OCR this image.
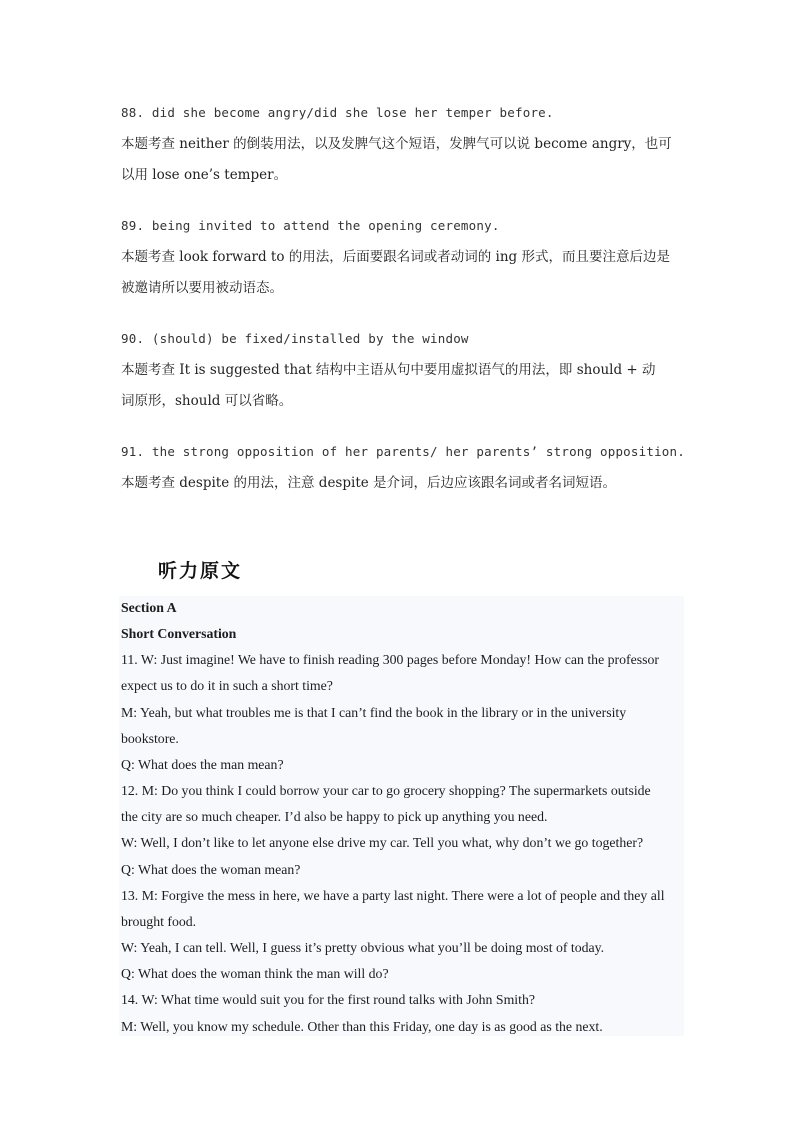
88. did she become angry/did she lose her temper before.
本题考查 neither 的倒装用法，以及发脾气这个短语，发脾气可以说 become angry，也可
以用 lose one’s temper。
89. being invited to attend the opening ceremony.
本题考查 look forward to 的用法，后面要跟名词或者动词的 ing 形式，而且要注意后边是
被邀请所以要用被动语态。
90. (should) be fixed/installed by the window
本题考查 It is suggested that 结构中主语从句中要用虚拟语气的用法，即 should + 动
词原形，should 可以省略。
91. the strong opposition of her parents/ her parents’ strong opposition.
本题考查 despite 的用法，注意 despite 是介词，后边应该跟名词或者名词短语。
听力原文
Section A
Short Conversation
11. W: Just imagine! We have to finish reading 300 pages before Monday! How can the professor
expect us to do it in such a short time?
M: Yeah, but what troubles me is that I can’t find the book in the library or in the university
bookstore.
Q: What does the man mean?
12. M: Do you think I could borrow your car to go grocery shopping? The supermarkets outside
the city are so much cheaper. I’d also be happy to pick up anything you need.
W: Well, I don’t like to let anyone else drive my car. Tell you what, why don’t we go together?
Q: What does the woman mean?
13. M: Forgive the mess in here, we have a party last night. There were a lot of people and they all
brought food.
W: Yeah, I can tell. Well, I guess it’s pretty obvious what you’ll be doing most of today.
Q: What does the woman think the man will do?
14. W: What time would suit you for the first round talks with John Smith?
M: Well, you know my schedule. Other than this Friday, one day is as good as the next.
